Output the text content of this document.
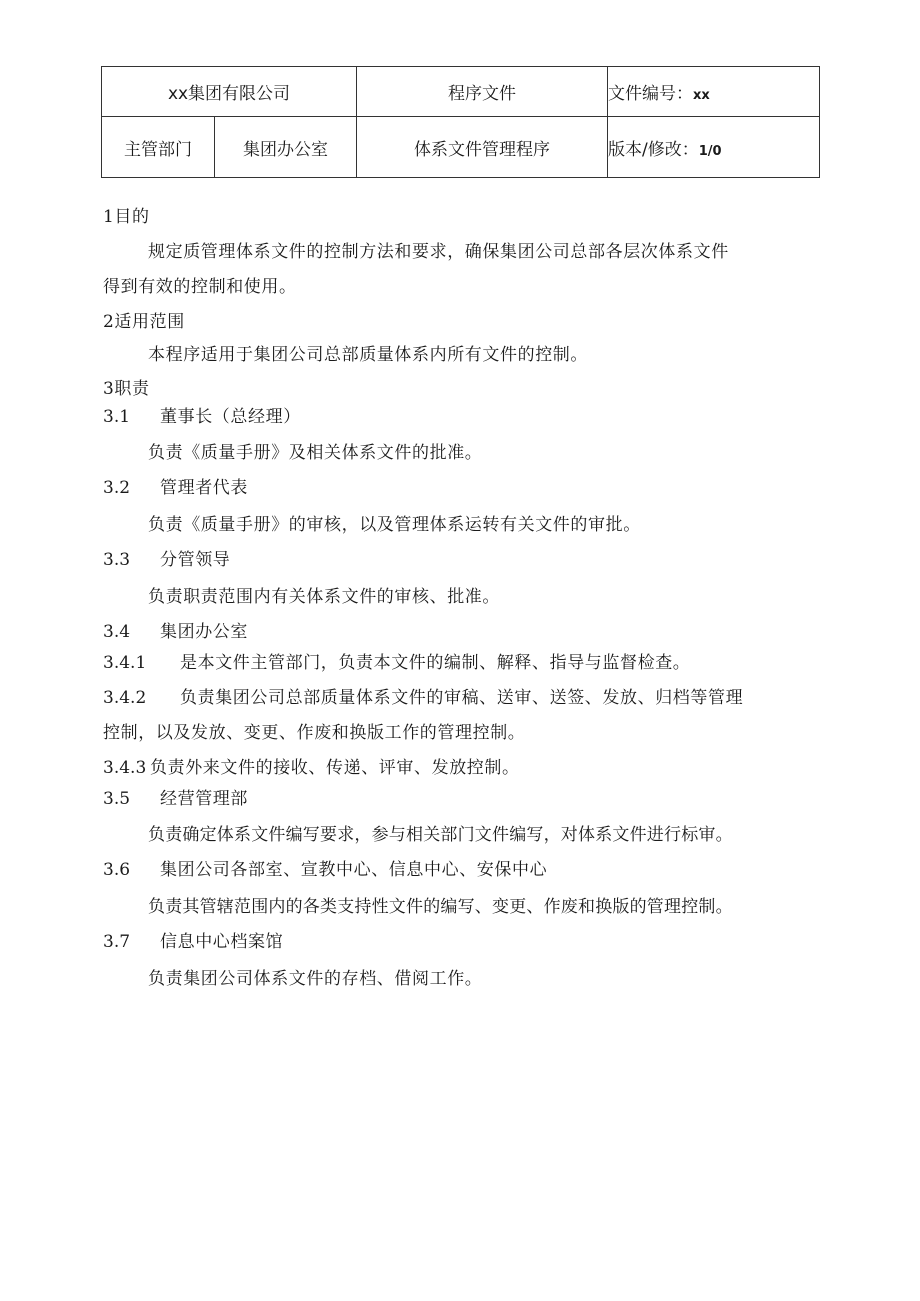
xx集团有限公司		程序文件	文件编号：xx
主管部门	集团办公室	体系文件管理程序	版本/修改：1/0
1目的
规定质管理体系文件的控制方法和要求，确保集团公司总部各层次体系文件
得到有效的控制和使用。
2适用范围
本程序适用于集团公司总部质量体系内所有文件的控制。
3职责
3.1 董事长（总经理）
负责《质量手册》及相关体系文件的批准。
3.2 管理者代表
负责《质量手册》的审核，以及管理体系运转有关文件的审批。
3.3 分管领导
负责职责范围内有关体系文件的审核、批准。
3.4 集团办公室
3.4.1 是本文件主管部门，负责本文件的编制、解释、指导与监督检查。
3.4.2 负责集团公司总部质量体系文件的审稿、送审、送签、发放、归档等管理
控制，以及发放、变更、作废和换版工作的管理控制。
3.4.3 负责外来文件的接收、传递、评审、发放控制。
3.5 经营管理部
负责确定体系文件编写要求，参与相关部门文件编写，对体系文件进行标审。
3.6 集团公司各部室、宣教中心、信息中心、安保中心
负责其管辖范围内的各类支持性文件的编写、变更、作废和换版的管理控制。
3.7 信息中心档案馆
负责集团公司体系文件的存档、借阅工作。
